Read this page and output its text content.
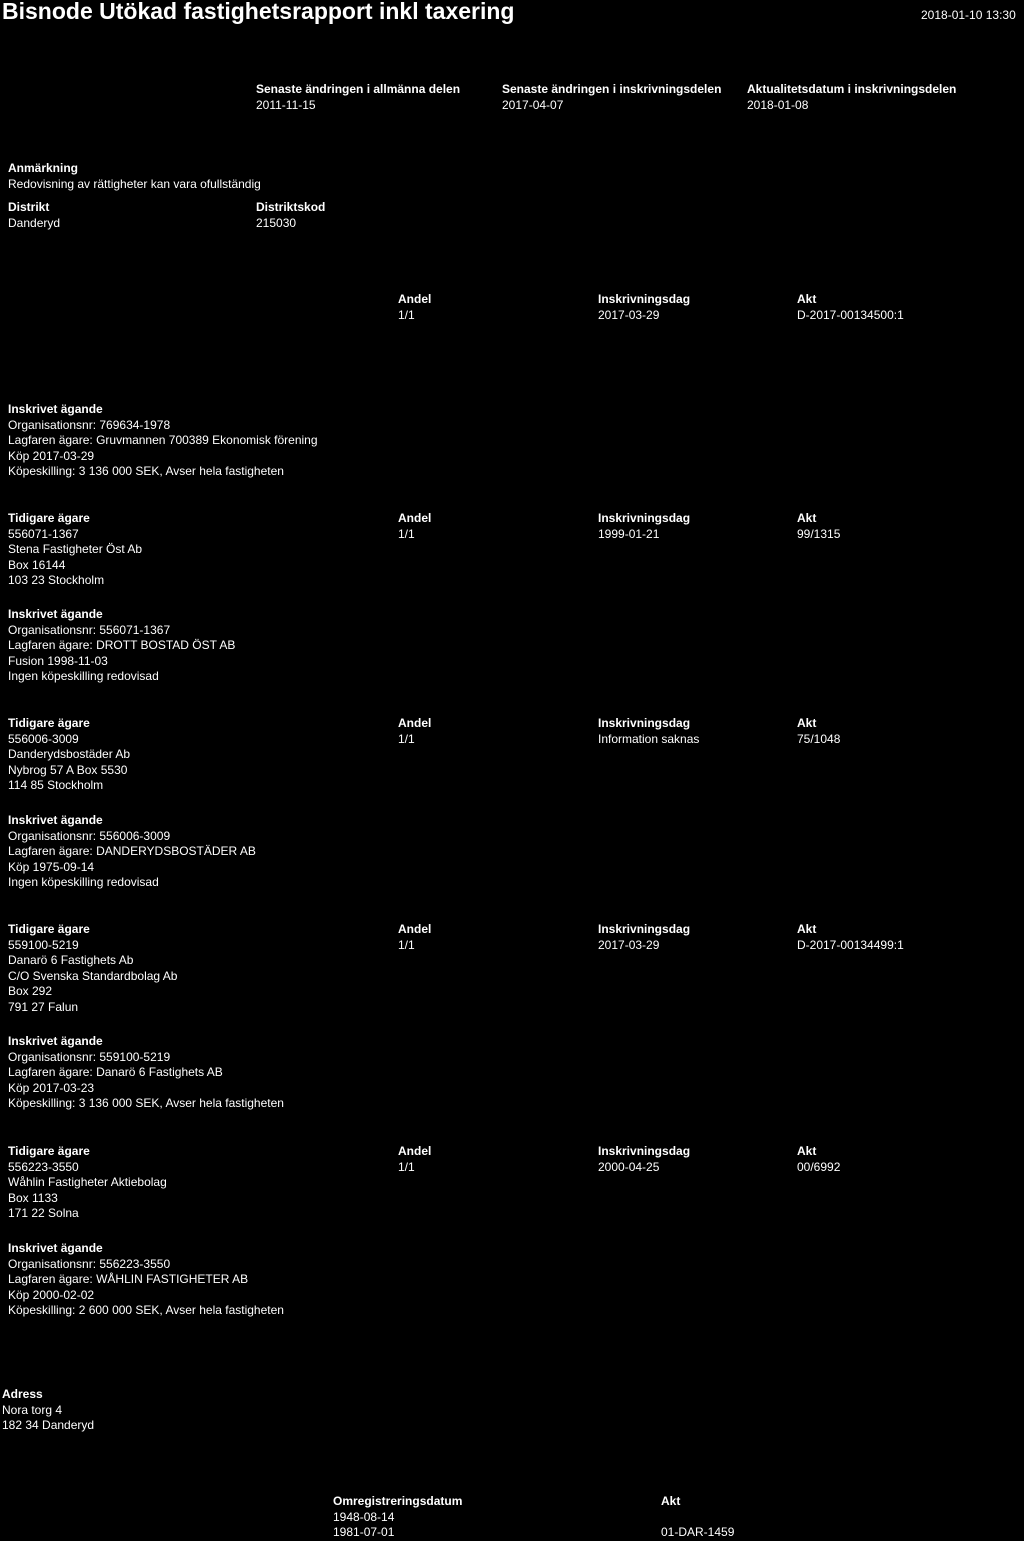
Bisnode Utökad fastighetsrapport inkl taxering	2018-01-10 13:30
Senaste ändringen i allmänna delen
2011-11-15
Senaste ändringen i inskrivningsdelen
2017-04-07
Aktualitetsdatum i inskrivningsdelen
2018-01-08
Anmärkning
Redovisning av rättigheter kan vara ofullständig
Distrikt
Danderyd
Distriktskod
215030
Andel
1/1
Inskrivningsdag
2017-03-29
Akt
D-2017-00134500:1
Inskrivet ägande
Organisationsnr: 769634-1978
Lagfaren ägare: Gruvmannen 700389 Ekonomisk förening
Köp 2017-03-29
Köpeskilling: 3 136 000 SEK, Avser hela fastigheten
Tidigare ägare
556071-1367
Stena Fastigheter Öst Ab
Box 16144
103 23 Stockholm
Andel
1/1
Inskrivningsdag
1999-01-21
Akt
99/1315
Inskrivet ägande
Organisationsnr: 556071-1367
Lagfaren ägare: DROTT BOSTAD ÖST AB
Fusion 1998-11-03
Ingen köpeskilling redovisad
Tidigare ägare
556006-3009
Danderydsbostäder Ab
Nybrog 57 A Box 5530
114 85 Stockholm
Andel
1/1
Inskrivningsdag
Information saknas
Akt
75/1048
Inskrivet ägande
Organisationsnr: 556006-3009
Lagfaren ägare: DANDERYDSBOSTÄDER AB
Köp 1975-09-14
Ingen köpeskilling redovisad
Tidigare ägare
559100-5219
Danarö 6 Fastighets Ab
C/O Svenska Standardbolag Ab
Box 292
791 27 Falun
Andel
1/1
Inskrivningsdag
2017-03-29
Akt
D-2017-00134499:1
Inskrivet ägande
Organisationsnr: 559100-5219
Lagfaren ägare: Danarö 6 Fastighets AB
Köp 2017-03-23
Köpeskilling: 3 136 000 SEK, Avser hela fastigheten
Tidigare ägare
556223-3550
Wåhlin Fastigheter Aktiebolag
Box 1133
171 22 Solna
Andel
1/1
Inskrivningsdag
2000-04-25
Akt
00/6992
Inskrivet ägande
Organisationsnr: 556223-3550
Lagfaren ägare: WÅHLIN FASTIGHETER AB
Köp 2000-02-02
Köpeskilling: 2 600 000 SEK, Avser hela fastigheten
Adress
Nora torg 4
182 34 Danderyd
Omregistreringsdatum
1948-08-14
1981-07-01
Akt
01-DAR-1459
